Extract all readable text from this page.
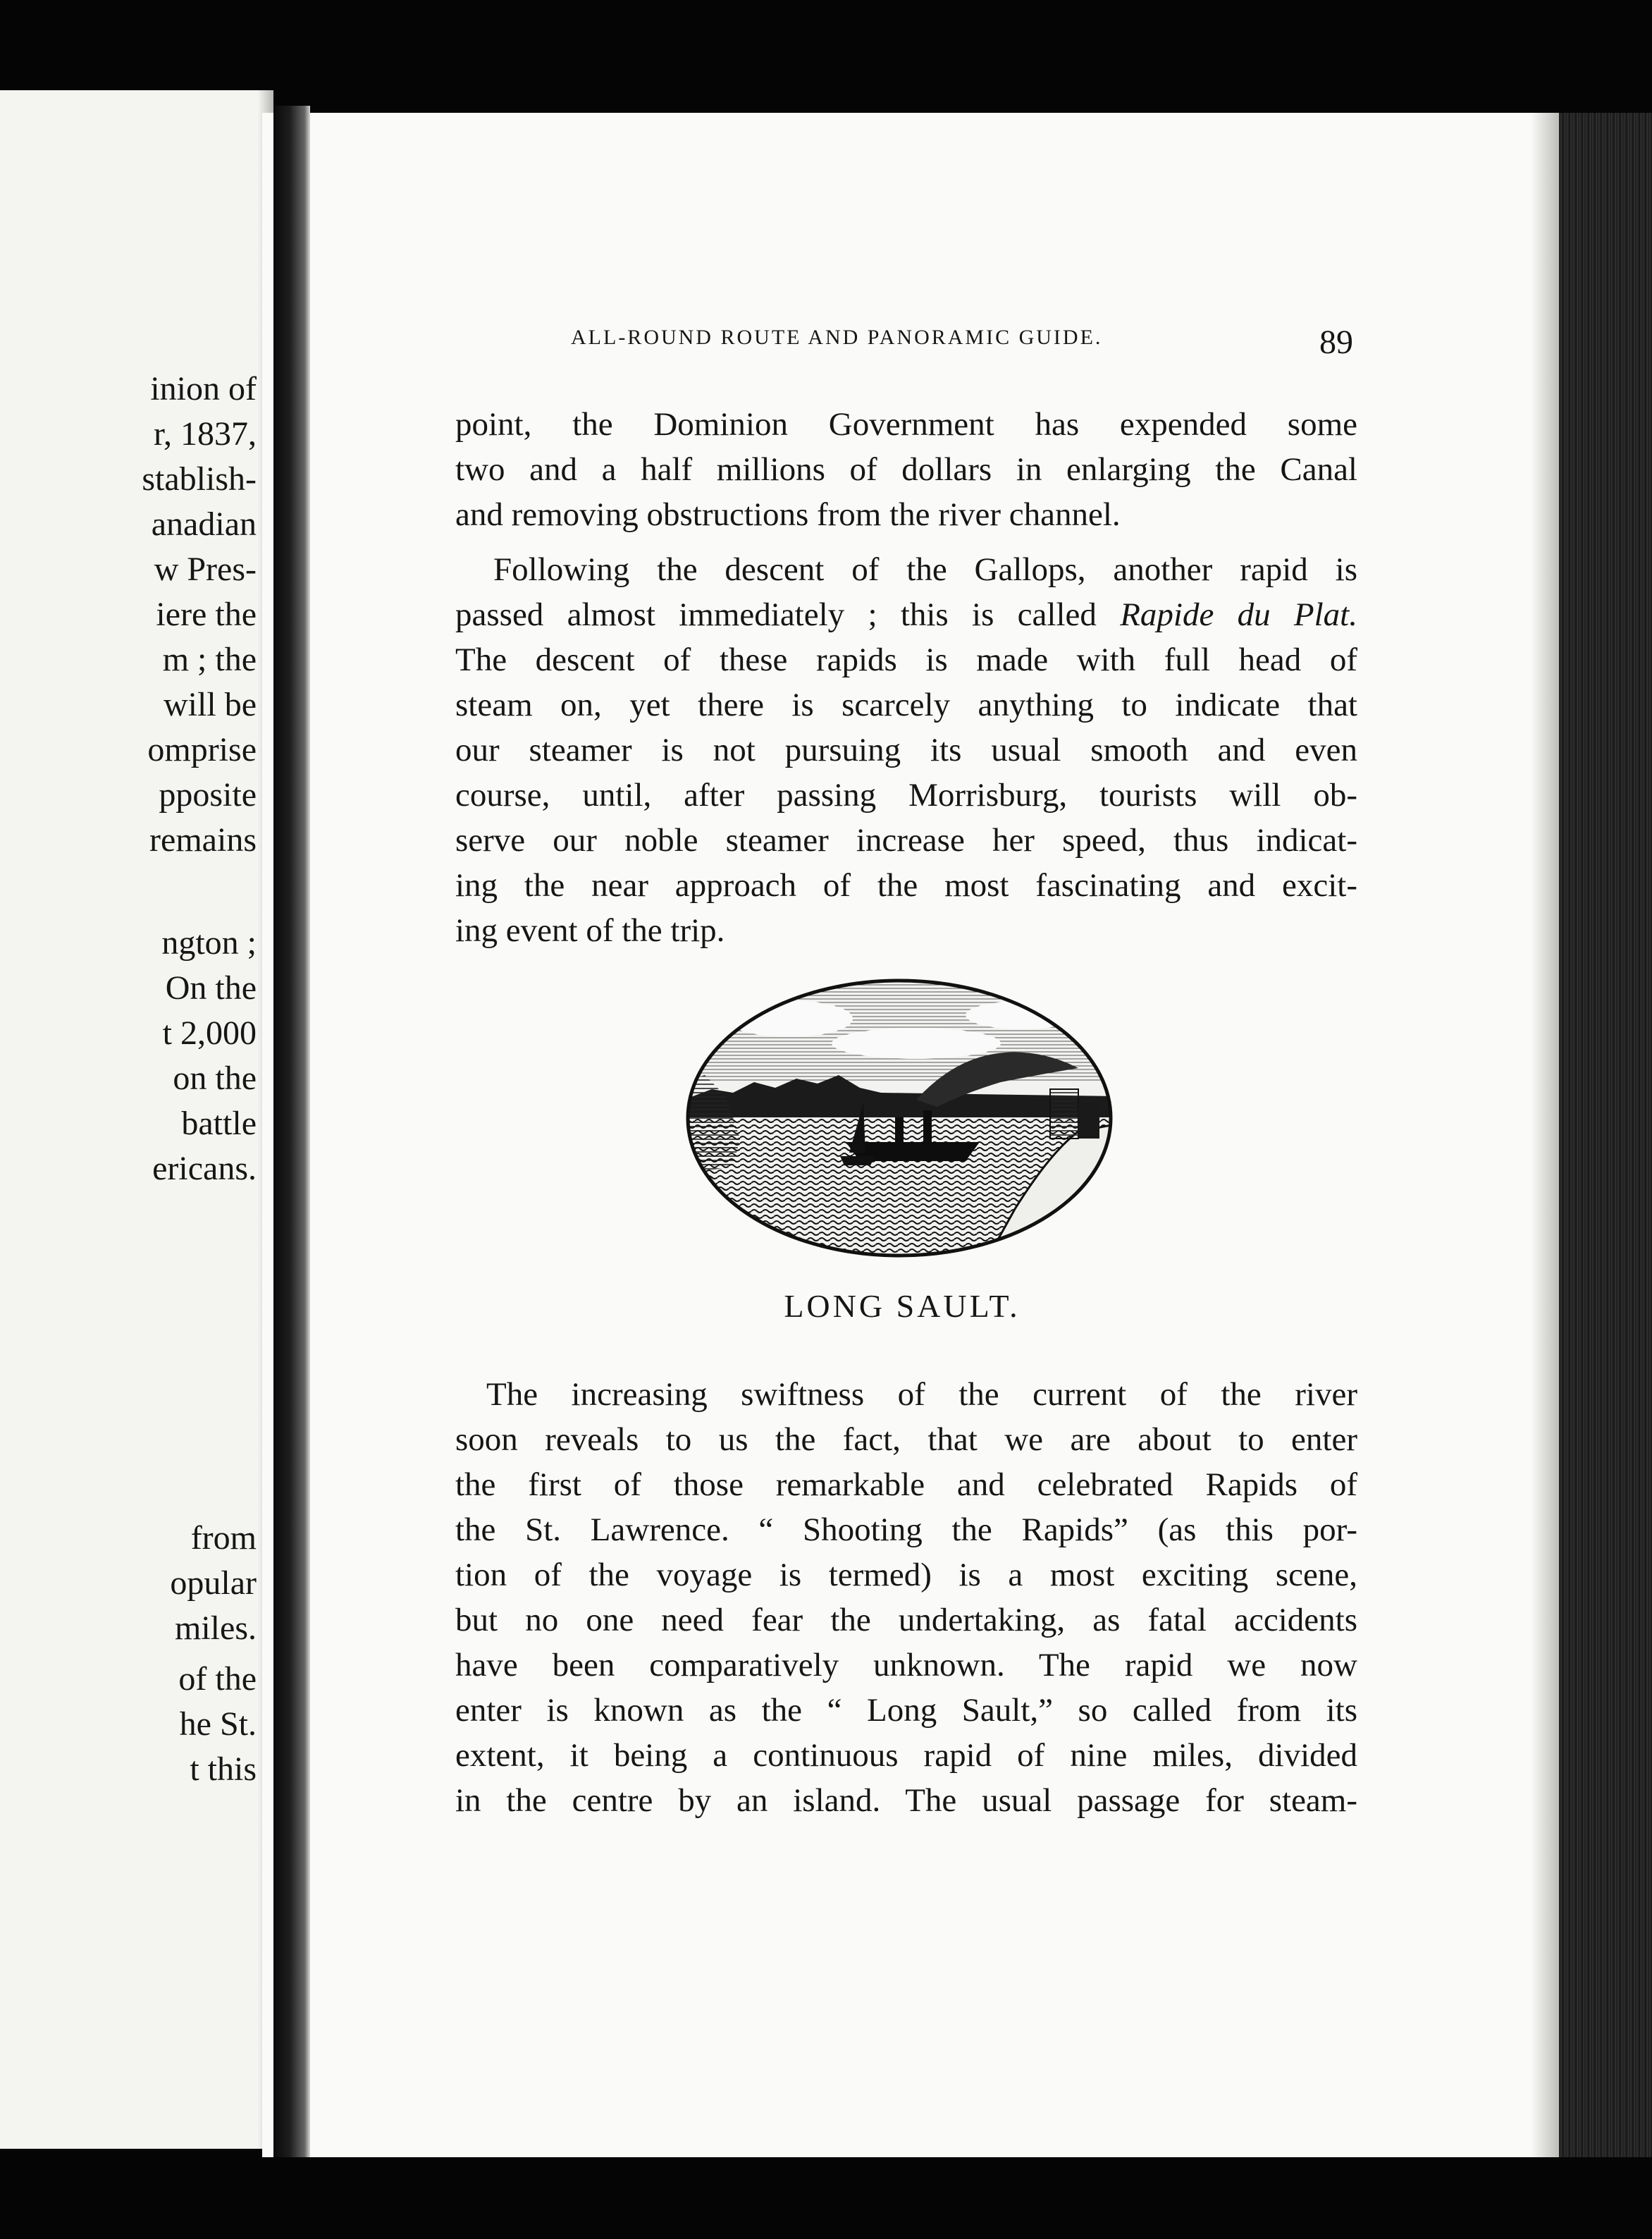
inion of
r, 1837,
stablish-
anadian
w Pres-
iere the
m ; the
will be
omprise
pposite
remains
ngton ;
On the
t 2,000
on the
battle
ericans.
from
opular
miles.
of the
he St.
t this
ALL-ROUND ROUTE AND PANORAMIC GUIDE.	89
point, the Dominion Government has expended some
two and a half millions of dollars in enlarging the Canal
and removing obstructions from the river channel.
Following the descent of the Gallops, another rapid is
passed almost immediately ; this is called Rapide du Plat.
The descent of these rapids is made with full head of
steam on, yet there is scarcely anything to indicate that
our steamer is not pursuing its usual smooth and even
course, until, after passing Morrisburg, tourists will ob-
serve our noble steamer increase her speed, thus indicat-
ing the near approach of the most fascinating and excit-
ing event of the trip.
LONG SAULT.
The increasing swiftness of the current of the river
soon reveals to us the fact, that we are about to enter
the first of those remarkable and celebrated Rapids of
the St. Lawrence. “ Shooting the Rapids” (as this por-
tion of the voyage is termed) is a most exciting scene,
but no one need fear the undertaking, as fatal accidents
have been comparatively unknown. The rapid we now
enter is known as the “ Long Sault,” so called from its
extent, it being a continuous rapid of nine miles, divided
in the centre by an island. The usual passage for steam-
